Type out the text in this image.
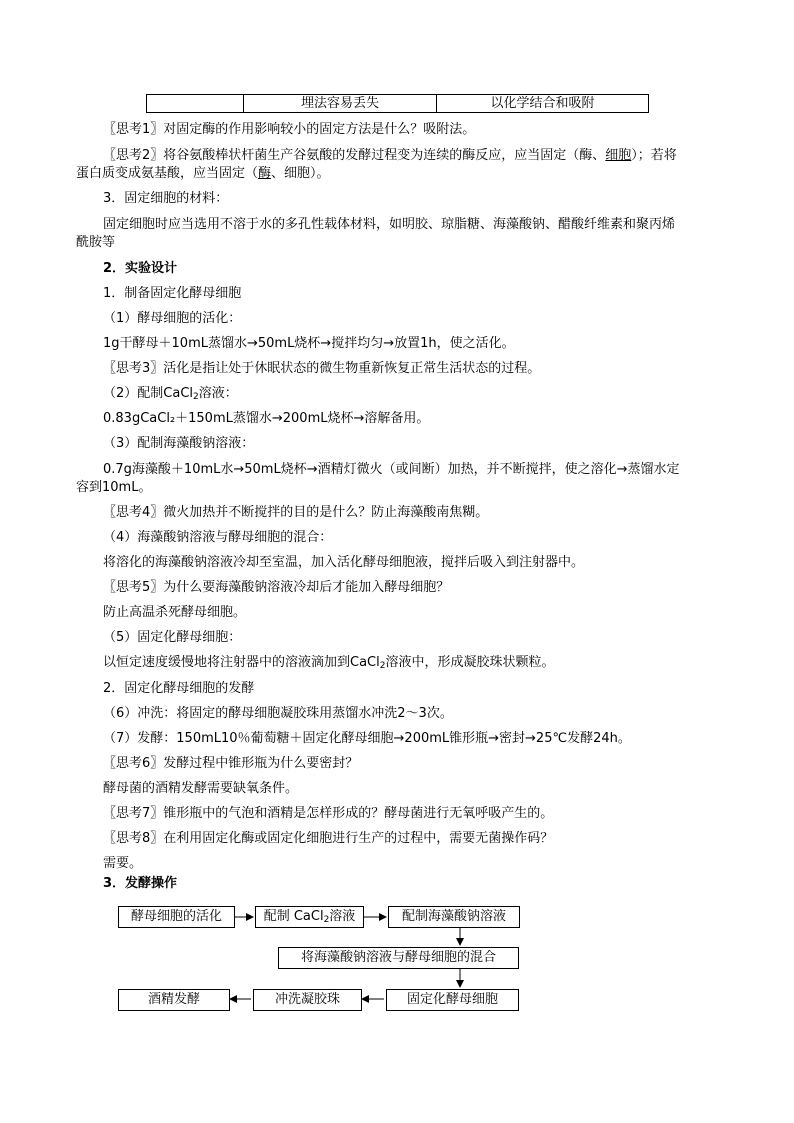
	埋法容易丢失	以化学结合和吸附
〖思考1〗对固定酶的作用影响较小的固定方法是什么？吸附法。
〖思考2〗将谷氨酸棒状杆菌生产谷氨酸的发酵过程变为连续的酶反应，应当固定（酶、细胞）；若将
蛋白质变成氨基酸，应当固定（酶、细胞）。
3．固定细胞的材料：
固定细胞时应当选用不溶于水的多孔性载体材料，如明胶、琼脂糖、海藻酸钠、醋酸纤维素和聚丙烯
酰胺等
2．实验设计
1．制备固定化酵母细胞
（1）酵母细胞的活化：
1g干酵母＋10mL蒸馏水→50mL烧杯→搅拌均匀→放置1h，使之活化。
〖思考3〗活化是指让处于休眠状态的微生物重新恢复正常生活状态的过程。
（2）配制CaCl$_2$溶液：
0.83gCaCl₂＋150mL蒸馏水→200mL烧杯→溶解备用。
（3）配制海藻酸钠溶液：
0.7g海藻酸＋10mL水→50mL烧杯→酒精灯微火（或间断）加热，并不断搅拌，使之溶化→蒸馏水定
容到10mL。
〖思考4〗微火加热并不断搅拌的目的是什么？防止海藻酸南焦糊。
（4）海藻酸钠溶液与酵母细胞的混合：
将溶化的海藻酸钠溶液冷却至室温，加入活化酵母细胞液，搅拌后吸入到注射器中。
〖思考5〗为什么要海藻酸钠溶液冷却后才能加入酵母细胞？
防止高温杀死酵母细胞。
（5）固定化酵母细胞：
以恒定速度缓慢地将注射器中的溶液滴加到CaCl$_2$溶液中，形成凝胶珠状颗粒。
2．固定化酵母细胞的发酵
（6）冲洗：将固定的酵母细胞凝胶珠用蒸馏水冲洗2～3次。
（7）发酵：150mL10％葡萄糖＋固定化酵母细胞→200mL锥形瓶→密封→25℃发酵24h。
〖思考6〗发酵过程中锥形瓶为什么要密封？
酵母菌的酒精发酵需要缺氧条件。
〖思考7〗锥形瓶中的气泡和酒精是怎样形成的？酵母菌进行无氧呼吸产生的。
〖思考8〗在利用固定化酶或固定化细胞进行生产的过程中，需要无菌操作码？
需要。
3．发酵操作
酵母细胞的活化	配制 CaCl$_2$溶液	配制海藻酸钠溶液
将海藻酸钠溶液与酵母细胞的混合
固定化酵母细胞
冲洗凝胶珠
酒精发酵
